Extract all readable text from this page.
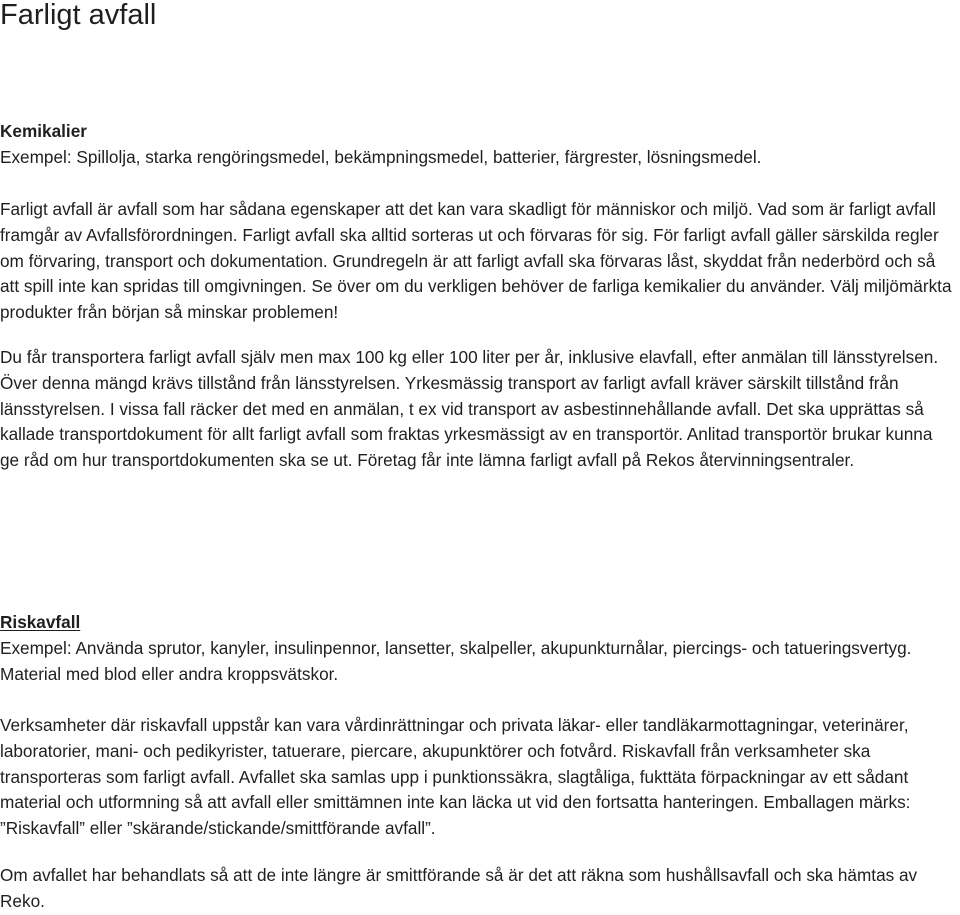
Farligt avfall

Kemikalier

Exempel: Spillolja, starka rengöringsmedel, bekämpningsmedel, batterier, färgrester, lösningsmedel.

Farligt avfall är avfall som har sådana egenskaper att det kan vara skadligt för människor och miljö. Vad som är farligt avfall framgår av Avfallsförordningen. Farligt avfall ska alltid sorteras ut och förvaras för sig. För farligt avfall gäller särskilda regler om förvaring, transport och dokumentation. Grundregeln är att farligt avfall ska förvaras låst, skyddat från nederbörd och så att spill inte kan spridas till omgivningen. Se över om du verkligen behöver de farliga kemikalier du använder. Välj miljömärkta produkter från början så minskar problemen!

Du får transportera farligt avfall själv men max 100 kg eller 100 liter per år, inklusive elavfall, efter anmälan till länsstyrelsen. Över denna mängd krävs tillstånd från länsstyrelsen. Yrkesmässig transport av farligt avfall kräver särskilt tillstånd från länsstyrelsen. I vissa fall räcker det med en anmälan, t ex vid transport av asbestinnehållande avfall. Det ska upprättas så kallade transportdokument för allt farligt avfall som fraktas yrkesmässigt av en transportör. Anlitad transportör brukar kunna ge råd om hur transportdokumenten ska se ut. Företag får inte lämna farligt avfall på Rekos återvinningsentraler.

Riskavfall

Exempel: Använda sprutor, kanyler, insulinpennor, lansetter, skalpeller, akupunkturnålar, piercings- och tatueringsvertyg. Material med blod eller andra kroppsvätskor.

Verksamheter där riskavfall uppstår kan vara vårdinrättningar och privata läkar- eller tandläkarmottagningar, veterinärer, laboratorier, mani- och pedikyrister, tatuerare, piercare, akupunktörer och fotvård. Riskavfall från verksamheter ska transporteras som farligt avfall. Avfallet ska samlas upp i punktionssäkra, slagtåliga, fukttäta förpackningar av ett sådant material och utformning så att avfall eller smittämnen inte kan läcka ut vid den fortsatta hanteringen. Emballagen märks: ”Riskavfall” eller ”skärande/stickande/smittförande avfall”.

Om avfallet har behandlats så att de inte längre är smittförande så är det att räkna som hushållsavfall och ska hämtas av Reko.
